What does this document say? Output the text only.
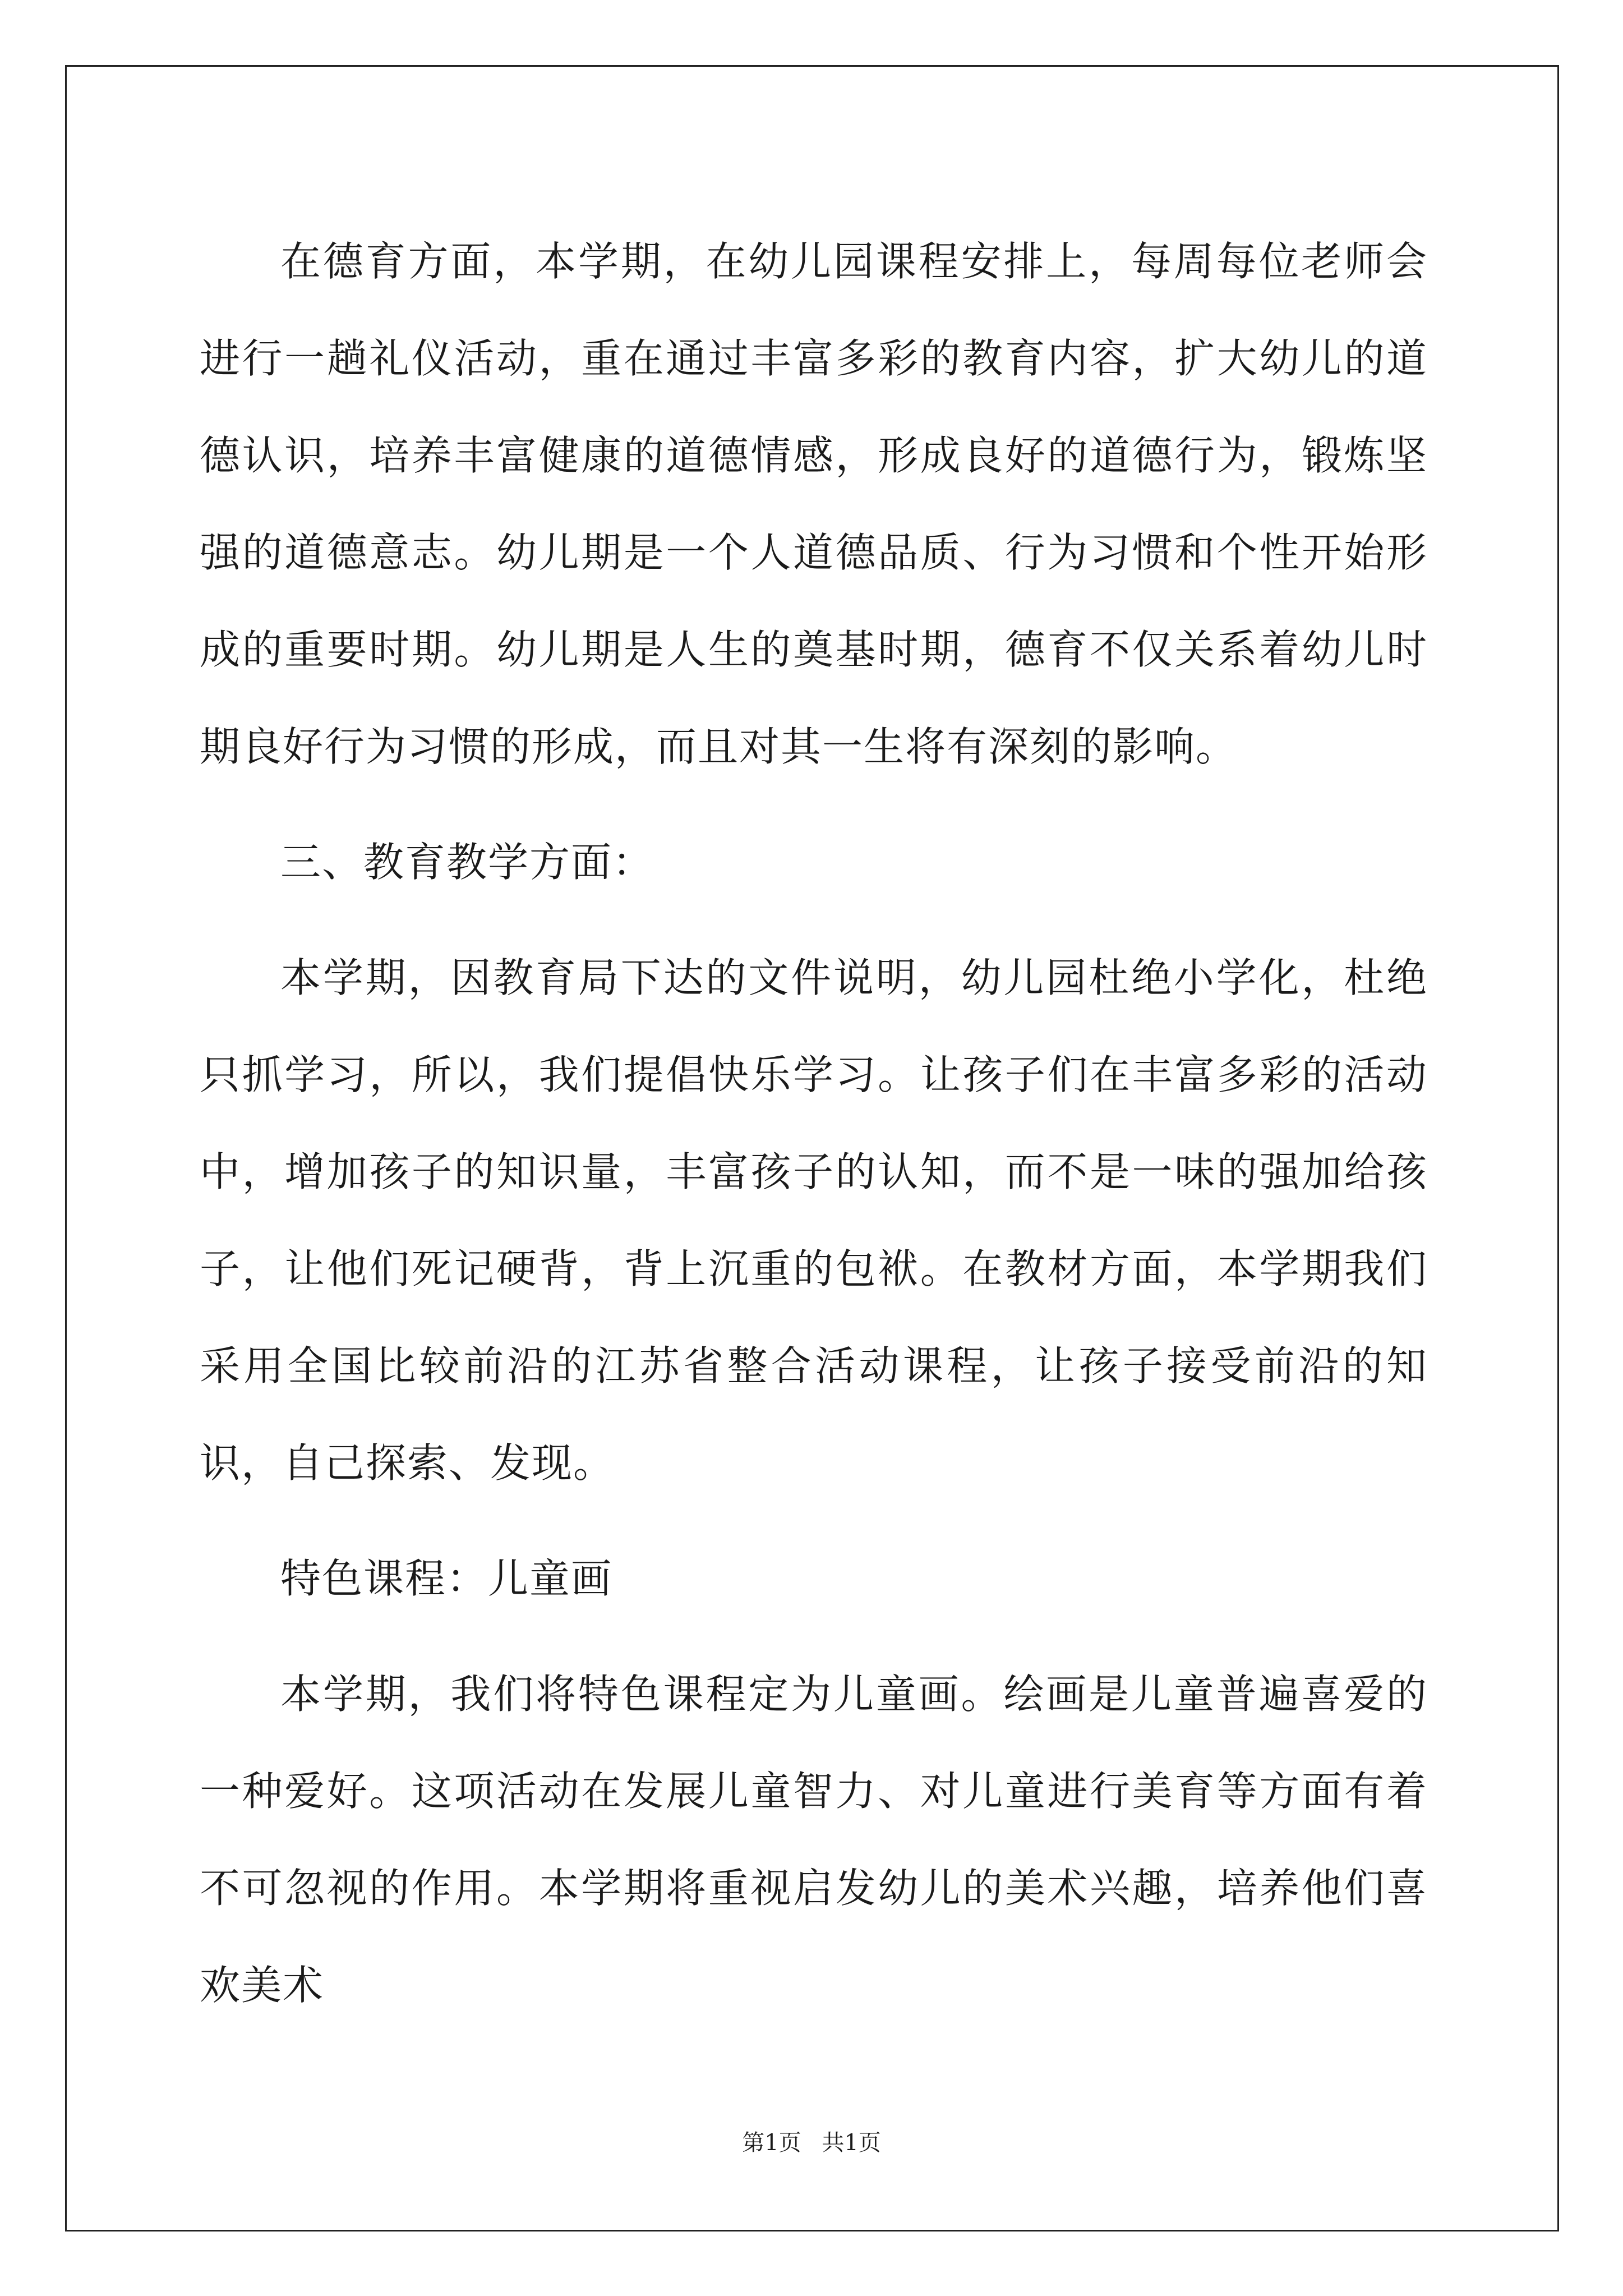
在德育方面，本学期，在幼儿园课程安排上，每周每位老师会进行一趟礼仪活动，重在通过丰富多彩的教育内容，扩大幼儿的道德认识，培养丰富健康的道德情感，形成良好的道德行为，锻炼坚强的道德意志。幼儿期是一个人道德品质、行为习惯和个性开始形成的重要时期。幼儿期是人生的奠基时期，德育不仅关系着幼儿时期良好行为习惯的形成，而且对其一生将有深刻的影响。

三、教育教学方面：

本学期，因教育局下达的文件说明，幼儿园杜绝小学化，杜绝只抓学习，所以，我们提倡快乐学习。让孩子们在丰富多彩的活动中，增加孩子的知识量，丰富孩子的认知，而不是一味的强加给孩子，让他们死记硬背，背上沉重的包袱。在教材方面，本学期我们采用全国比较前沿的江苏省整合活动课程，让孩子接受前沿的知识，自己探索、发现。

特色课程：儿童画

本学期，我们将特色课程定为儿童画。绘画是儿童普遍喜爱的一种爱好。这项活动在发展儿童智力、对儿童进行美育等方面有着不可忽视的作用。本学期将重视启发幼儿的美术兴趣，培养他们喜欢美术

第1页 共1页
